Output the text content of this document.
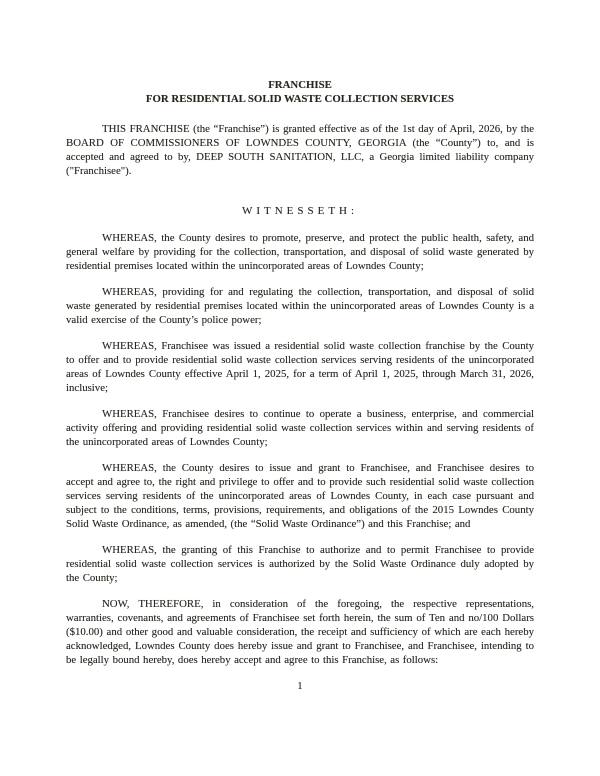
FRANCHISE
FOR RESIDENTIAL SOLID WASTE COLLECTION SERVICES

THIS FRANCHISE (the “Franchise”) is granted effective as of the 1st day of April, 2026, by the BOARD OF COMMISSIONERS OF LOWNDES COUNTY, GEORGIA (the “County”) to, and is accepted and agreed to by, DEEP SOUTH SANITATION, LLC, a Georgia limited liability company ("Franchisee").

WITNESSETH:

WHEREAS, the County desires to promote, preserve, and protect the public health, safety, and general welfare by providing for the collection, transportation, and disposal of solid waste generated by residential premises located within the unincorporated areas of Lowndes County;

WHEREAS, providing for and regulating the collection, transportation, and disposal of solid waste generated by residential premises located within the unincorporated areas of Lowndes County is a valid exercise of the County’s police power;

WHEREAS, Franchisee was issued a residential solid waste collection franchise by the County to offer and to provide residential solid waste collection services serving residents of the unincorporated areas of Lowndes County effective April 1, 2025, for a term of April 1, 2025, through March 31, 2026, inclusive;

WHEREAS, Franchisee desires to continue to operate a business, enterprise, and commercial activity offering and providing residential solid waste collection services within and serving residents of the unincorporated areas of Lowndes County;

WHEREAS, the County desires to issue and grant to Franchisee, and Franchisee desires to accept and agree to, the right and privilege to offer and to provide such residential solid waste collection services serving residents of the unincorporated areas of Lowndes County, in each case pursuant and subject to the conditions, terms, provisions, requirements, and obligations of the 2015 Lowndes County Solid Waste Ordinance, as amended, (the “Solid Waste Ordinance”) and this Franchise; and

WHEREAS, the granting of this Franchise to authorize and to permit Franchisee to provide residential solid waste collection services is authorized by the Solid Waste Ordinance duly adopted by the County;

NOW, THEREFORE, in consideration of the foregoing, the respective representations, warranties, covenants, and agreements of Franchisee set forth herein, the sum of Ten and no/100 Dollars ($10.00) and other good and valuable consideration, the receipt and sufficiency of which are each hereby acknowledged, Lowndes County does hereby issue and grant to Franchisee, and Franchisee, intending to be legally bound hereby, does hereby accept and agree to this Franchise, as follows:

1
